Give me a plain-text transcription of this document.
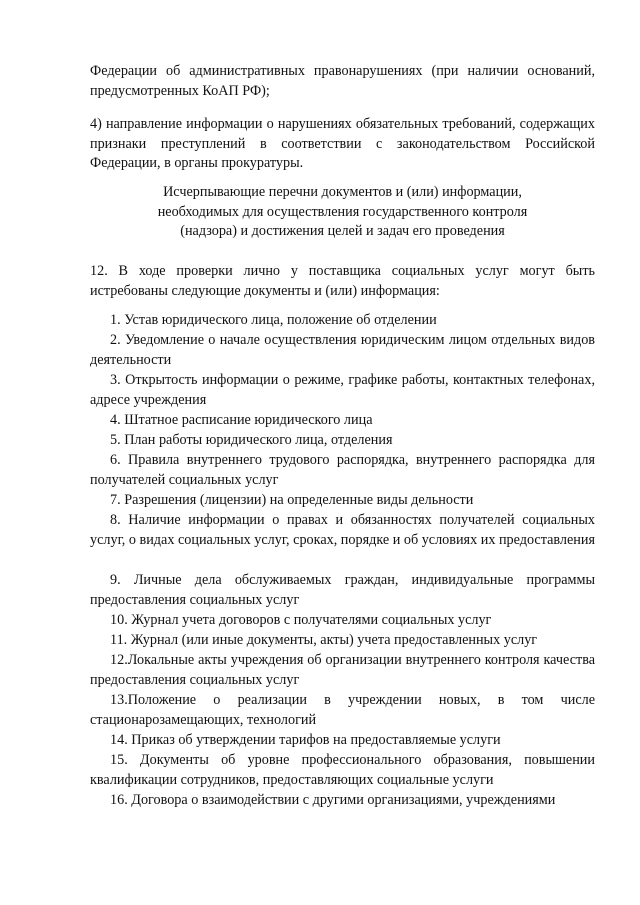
Федерации об административных правонарушениях (при наличии оснований, предусмотренных КоАП РФ);
4) направление информации о нарушениях обязательных требований, содержащих признаки преступлений в соответствии с законодательством Российской Федерации, в органы прокуратуры.
Исчерпывающие перечни документов и (или) информации,
необходимых для осуществления государственного контроля
(надзора) и достижения целей и задач его проведения
12. В ходе проверки лично у поставщика социальных услуг могут быть истребованы следующие документы и (или) информация:
1. Устав юридического лица, положение об отделении
2. Уведомление о начале осуществления юридическим лицом отдельных видов деятельности
3. Открытость информации о режиме, графике работы, контактных телефонах, адресе учреждения
4. Штатное расписание юридического лица
5. План работы юридического лица, отделения
6. Правила внутреннего трудового распорядка, внутреннего распорядка для получателей социальных услуг
7. Разрешения (лицензии) на определенные виды дельности
8. Наличие информации о правах и обязанностях получателей социальных услуг, о видах социальных услуг, сроках, порядке и об условиях их предоставления
9. Личные дела обслуживаемых граждан, индивидуальные программы предоставления социальных услуг
10. Журнал учета договоров с получателями социальных услуг
11. Журнал (или иные документы, акты) учета предоставленных услуг
12.Локальные акты учреждения об организации внутреннего контроля качества предоставления социальных услуг
13.Положение о реализации в учреждении новых, в том числе стационарозамещающих, технологий
14. Приказ об утверждении тарифов на предоставляемые услуги
15. Документы об уровне профессионального образования, повышении квалификации сотрудников, предоставляющих социальные услуги
16. Договора о взаимодействии с другими организациями, учреждениями
